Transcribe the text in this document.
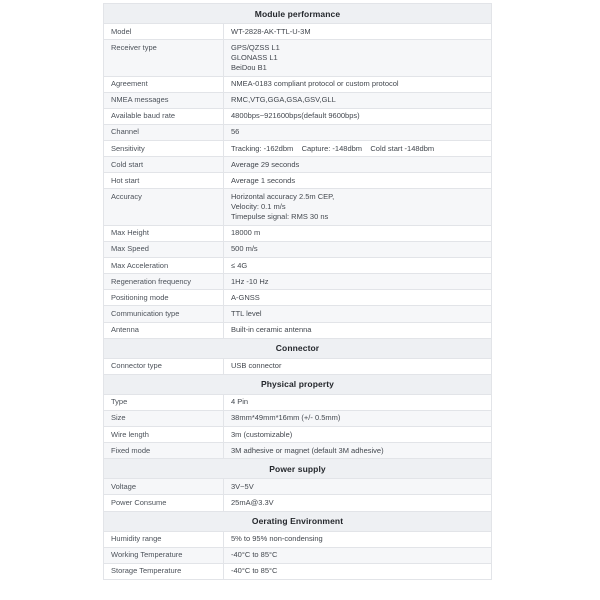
Module performance	
Model	WT-2828-AK-TTL-U-3M
Receiver type	GPS/QZSS L1
GLONASS L1
BeiDou B1
Agreement	NMEA-0183 compliant protocol or custom protocol
NMEA messages	RMC,VTG,GGA,GSA,GSV,GLL
Available baud rate	4800bps~921600bps(default 9600bps)
Channel	56
Sensitivity	Tracking: -162dbm    Capture: -148dbm    Cold start -148dbm
Cold start	Average 29 seconds
Hot start	Average 1 seconds
Accuracy	Horizontal accuracy 2.5m CEP,
Velocity: 0.1 m/s
Timepulse signal: RMS 30 ns
Max Height	18000 m
Max Speed	500 m/s
Max Acceleration	≤ 4G
Regeneration frequency	1Hz -10 Hz
Positioning mode	A-GNSS
Communication type	TTL level
Antenna	Built-in ceramic antenna
Connector	
Connector type	USB connector
Physical property	
Type	4 Pin
Size	38mm*49mm*16mm (+/- 0.5mm)
Wire length	3m (customizable)
Fixed mode	3M adhesive or magnet (default 3M adhesive)
Power supply	
Voltage	3V~5V
Power Consume	25mA@3.3V
Oerating Environment	
Humidity range	5% to 95% non-condensing
Working Temperature	-40°C to 85°C
Storage Temperature	-40°C to 85°C
